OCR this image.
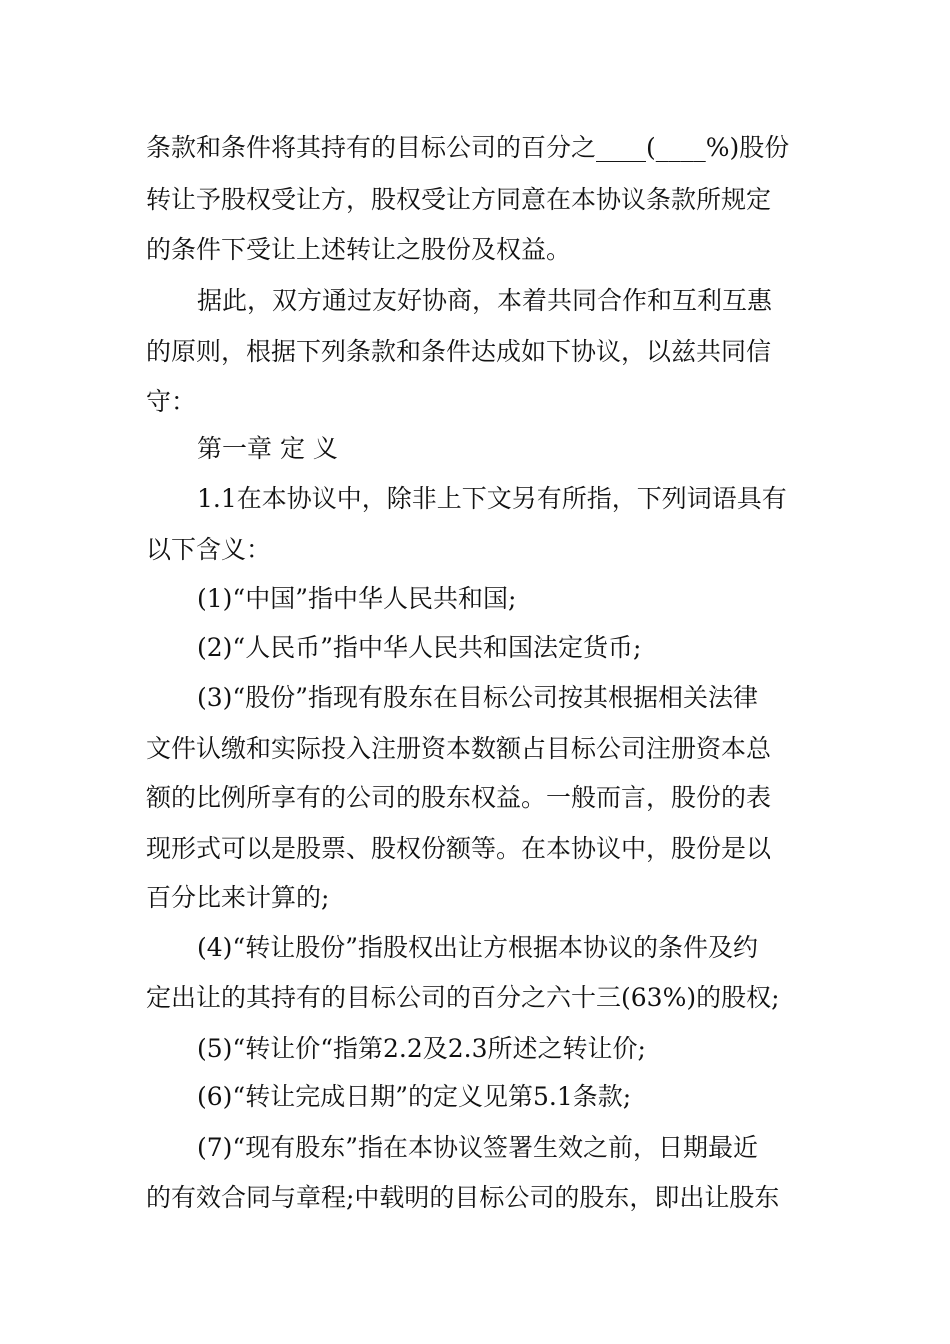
条款和条件将其持有的目标公司的百分之____(____%)股份
转让予股权受让方，股权受让方同意在本协议条款所规定
的条件下受让上述转让之股份及权益。
据此，双方通过友好协商，本着共同合作和互利互惠
的原则，根据下列条款和条件达成如下协议，以兹共同信
守：
第一章 定 义
1.1在本协议中，除非上下文另有所指，下列词语具有
以下含义：
(1)“中国”指中华人民共和国;
(2)“人民币”指中华人民共和国法定货币;
(3)“股份”指现有股东在目标公司按其根据相关法律
文件认缴和实际投入注册资本数额占目标公司注册资本总
额的比例所享有的公司的股东权益。一般而言，股份的表
现形式可以是股票、股权份额等。在本协议中，股份是以
百分比来计算的;
(4)“转让股份”指股权出让方根据本协议的条件及约
定出让的其持有的目标公司的百分之六十三(63%)的股权;
(5)“转让价“指第2.2及2.3所述之转让价;
(6)“转让完成日期”的定义见第5.1条款;
(7)“现有股东”指在本协议签署生效之前，日期最近
的有效合同与章程;中载明的目标公司的股东，即出让股东
